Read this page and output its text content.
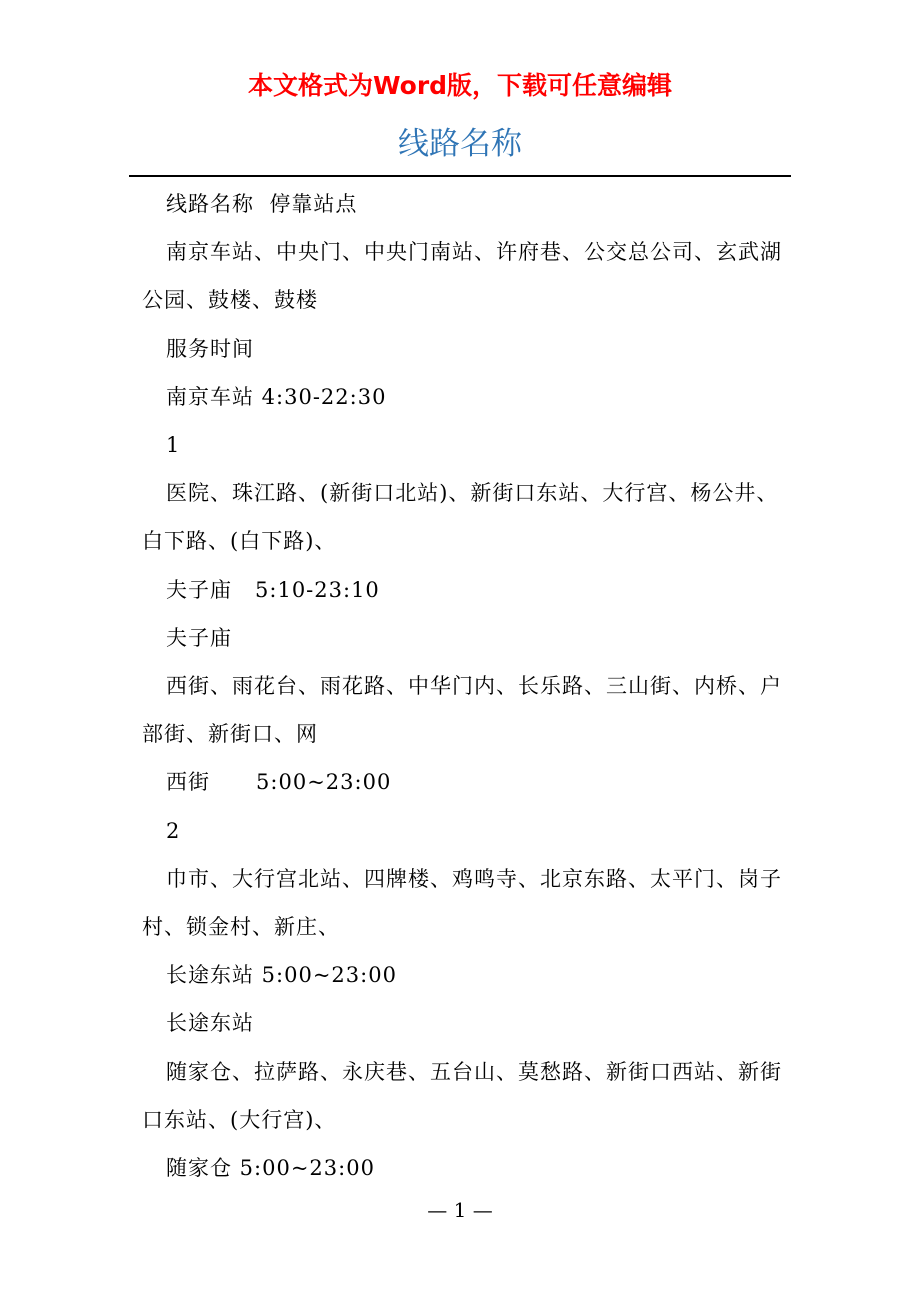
本文格式为Word版，下载可任意编辑
线路名称

线路名称  停靠站点

南京车站、中央门、中央门南站、许府巷、公交总公司、玄武湖公园、鼓楼、鼓楼

服务时间

南京车站 4:30-22:30

1

医院、珠江路、(新街口北站)、新街口东站、大行宫、杨公井、白下路、(白下路)、

夫子庙   5:10-23:10

夫子庙

西街、雨花台、雨花路、中华门内、长乐路、三山街、内桥、户部街、新街口、网

西街      5:00~23:00

2

巾市、大行宫北站、四牌楼、鸡鸣寺、北京东路、太平门、岗子村、锁金村、新庄、

长途东站 5:00~23:00

长途东站

随家仓、拉萨路、永庆巷、五台山、莫愁路、新街口西站、新街口东站、(大行宫)、

随家仓 5:00~23:00

— 1 —
